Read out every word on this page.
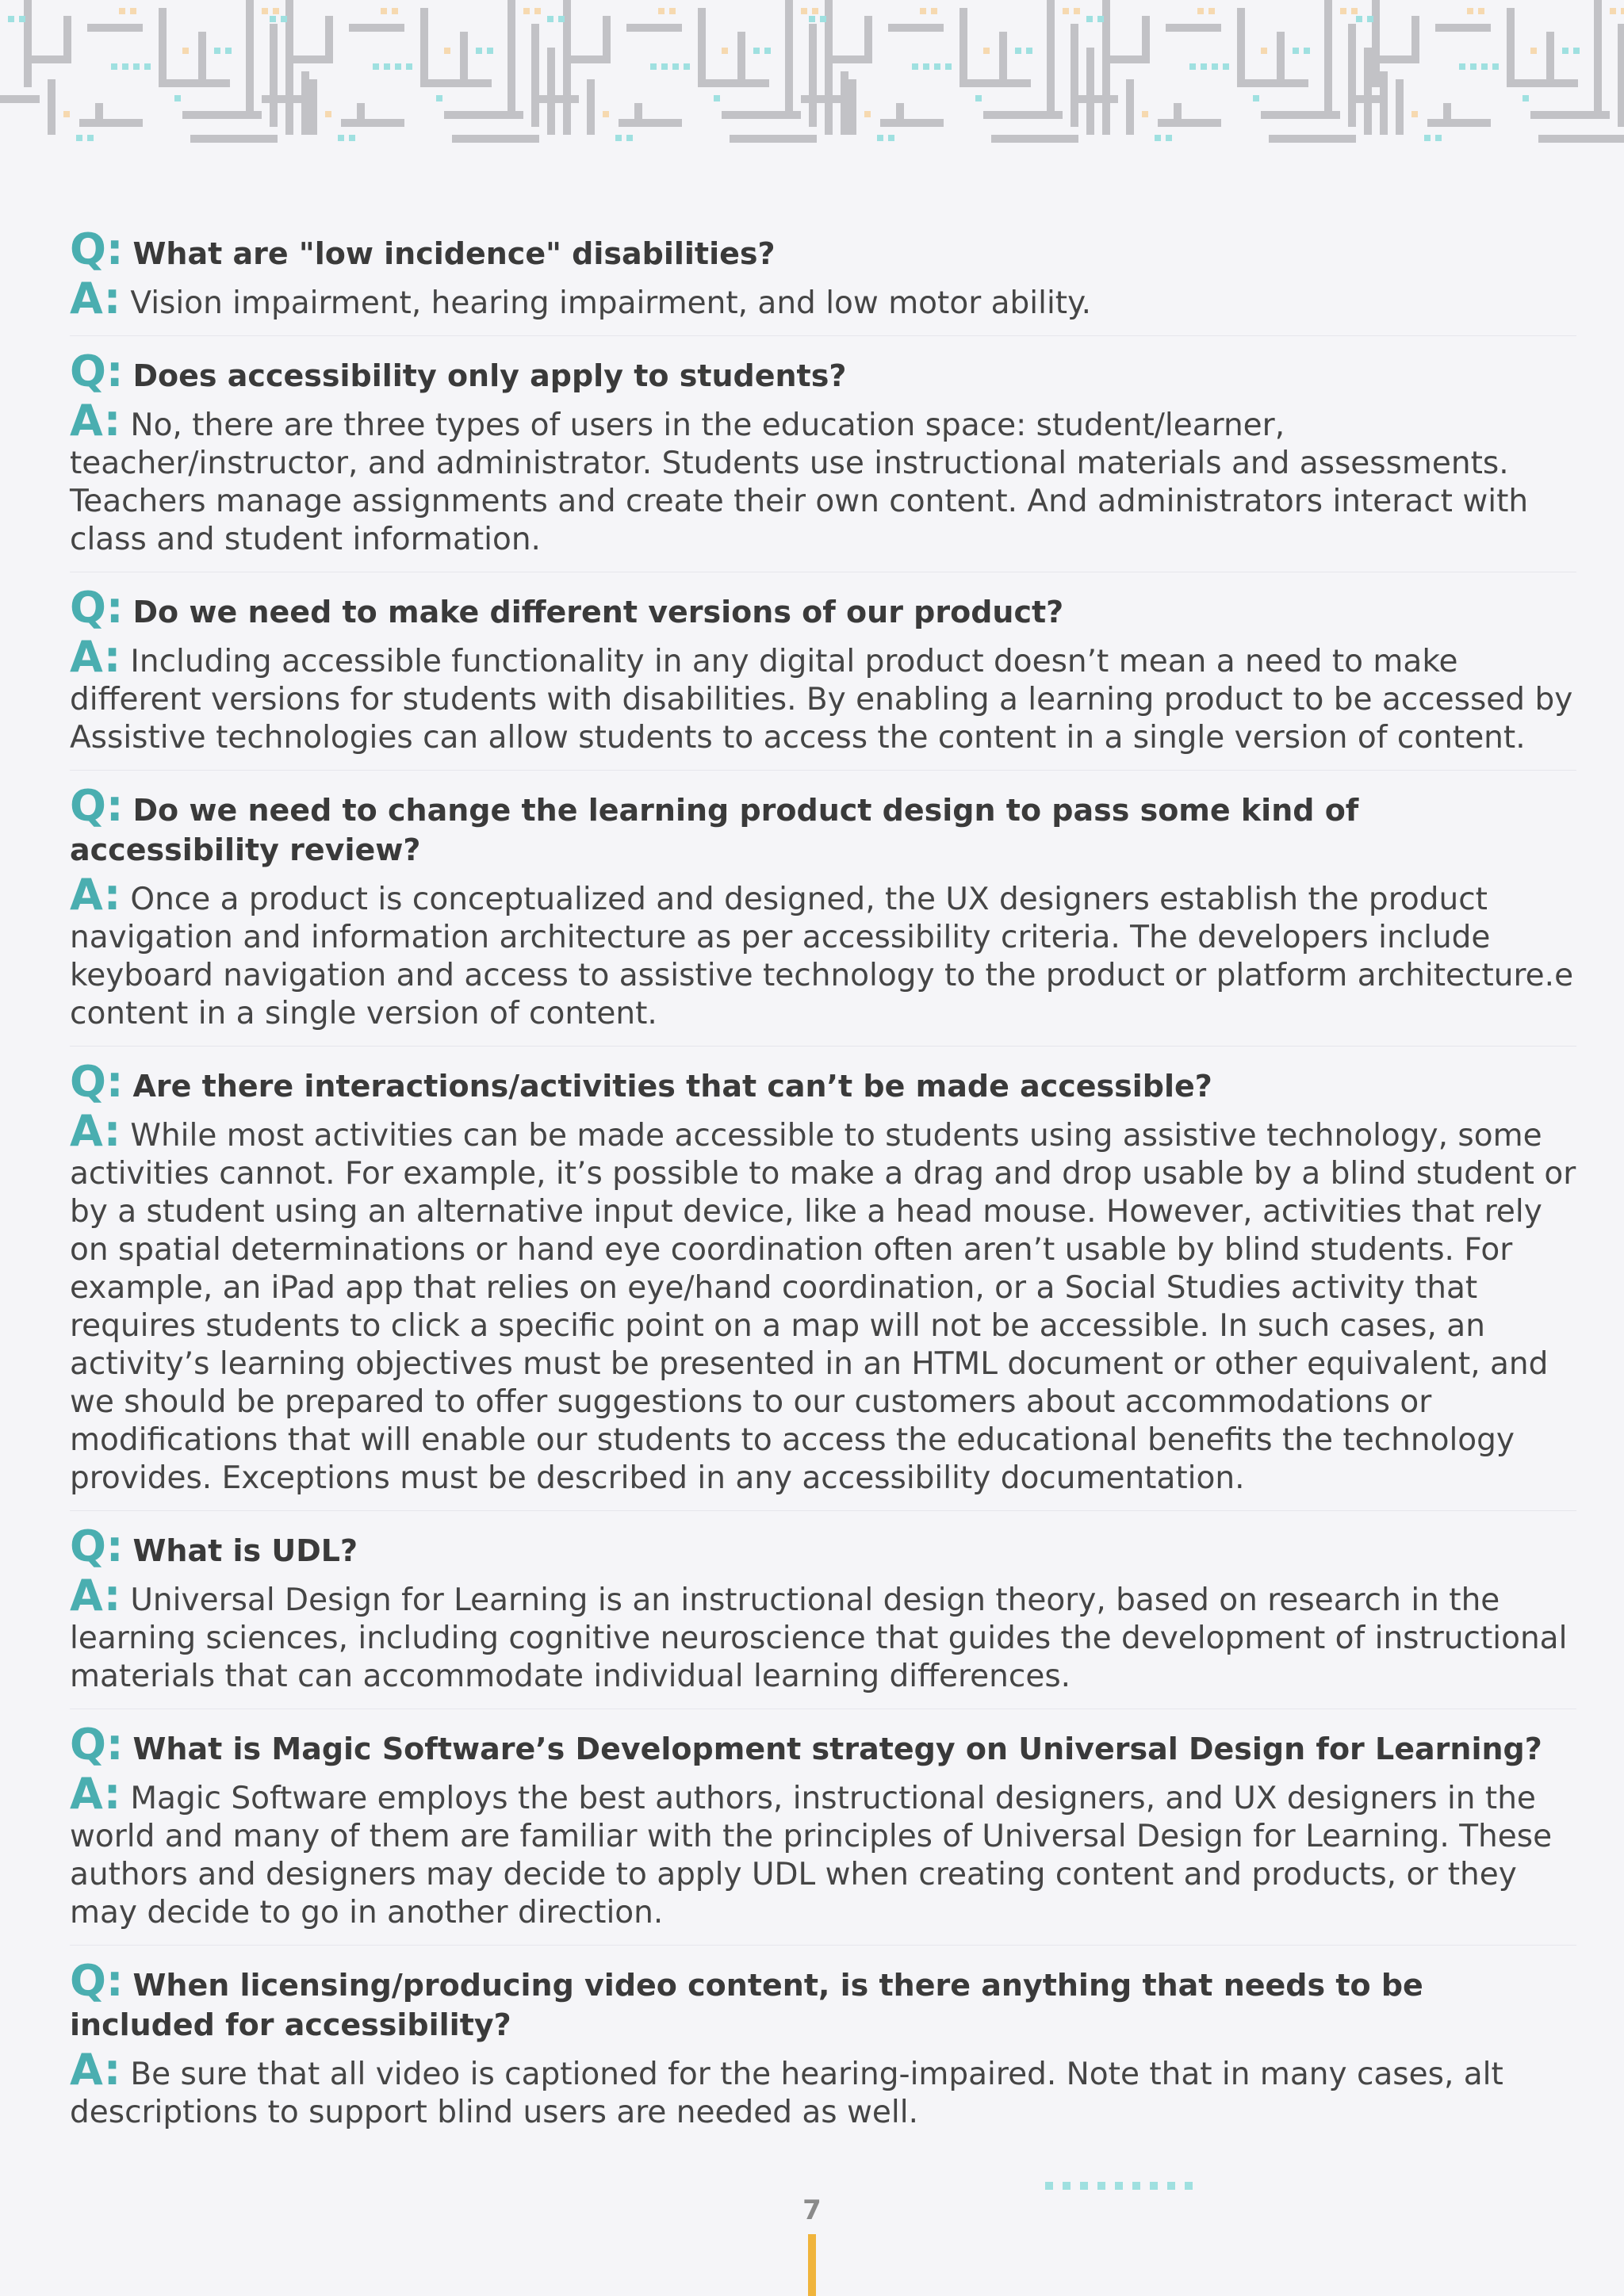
Q: What are "low incidence" disabilities?

A: Vision impairment, hearing impairment, and low motor ability.

Q: Does accessibility only apply to students?

A: No, there are three types of users in the education space: student/learner, teacher/instructor, and administrator. Students use instructional materials and assessments. Teachers manage assignments and create their own content. And administrators interact with class and student information.

Q: Do we need to make different versions of our product?

A: Including accessible functionality in any digital product doesn’t mean a need to make different versions for students with disabilities. By enabling a learning product to be accessed by Assistive technologies can allow students to access the content in a single version of content.

Q: Do we need to change the learning product design to pass some kind of accessibility review?

A: Once a product is conceptualized and designed, the UX designers establish the product navigation and information architecture as per accessibility criteria. The developers include keyboard navigation and access to assistive technology to the product or platform architecture.e content in a single version of content.

Q: Are there interactions/activities that can’t be made accessible?

A: While most activities can be made accessible to students using assistive technology, some activities cannot. For example, it’s possible to make a drag and drop usable by a blind student or by a student using an alternative input device, like a head mouse. However, activities that rely on spatial determinations or hand eye coordination often aren’t usable by blind students. For example, an iPad app that relies on eye/hand coordination, or a Social Studies activity that requires students to click a specific point on a map will not be accessible. In such cases, an activity’s learning objectives must be presented in an HTML document or other equivalent, and we should be prepared to offer suggestions to our customers about accommodations or modifications that will enable our students to access the educational benefits the technology provides. Exceptions must be described in any accessibility documentation.

Q: What is UDL?

A: Universal Design for Learning is an instructional design theory, based on research in the learning sciences, including cognitive neuroscience that guides the development of instructional materials that can accommodate individual learning differences.

Q: What is Magic Software’s Development strategy on Universal Design for Learning?

A: Magic Software employs the best authors, instructional designers, and UX designers in the world and many of them are familiar with the principles of Universal Design for Learning. These authors and designers may decide to apply UDL when creating content and products, or they may decide to go in another direction.

Q: When licensing/producing video content, is there anything that needs to be included for accessibility?

A: Be sure that all video is captioned for the hearing-impaired. Note that in many cases, alt descriptions to support blind users are needed as well.

7
